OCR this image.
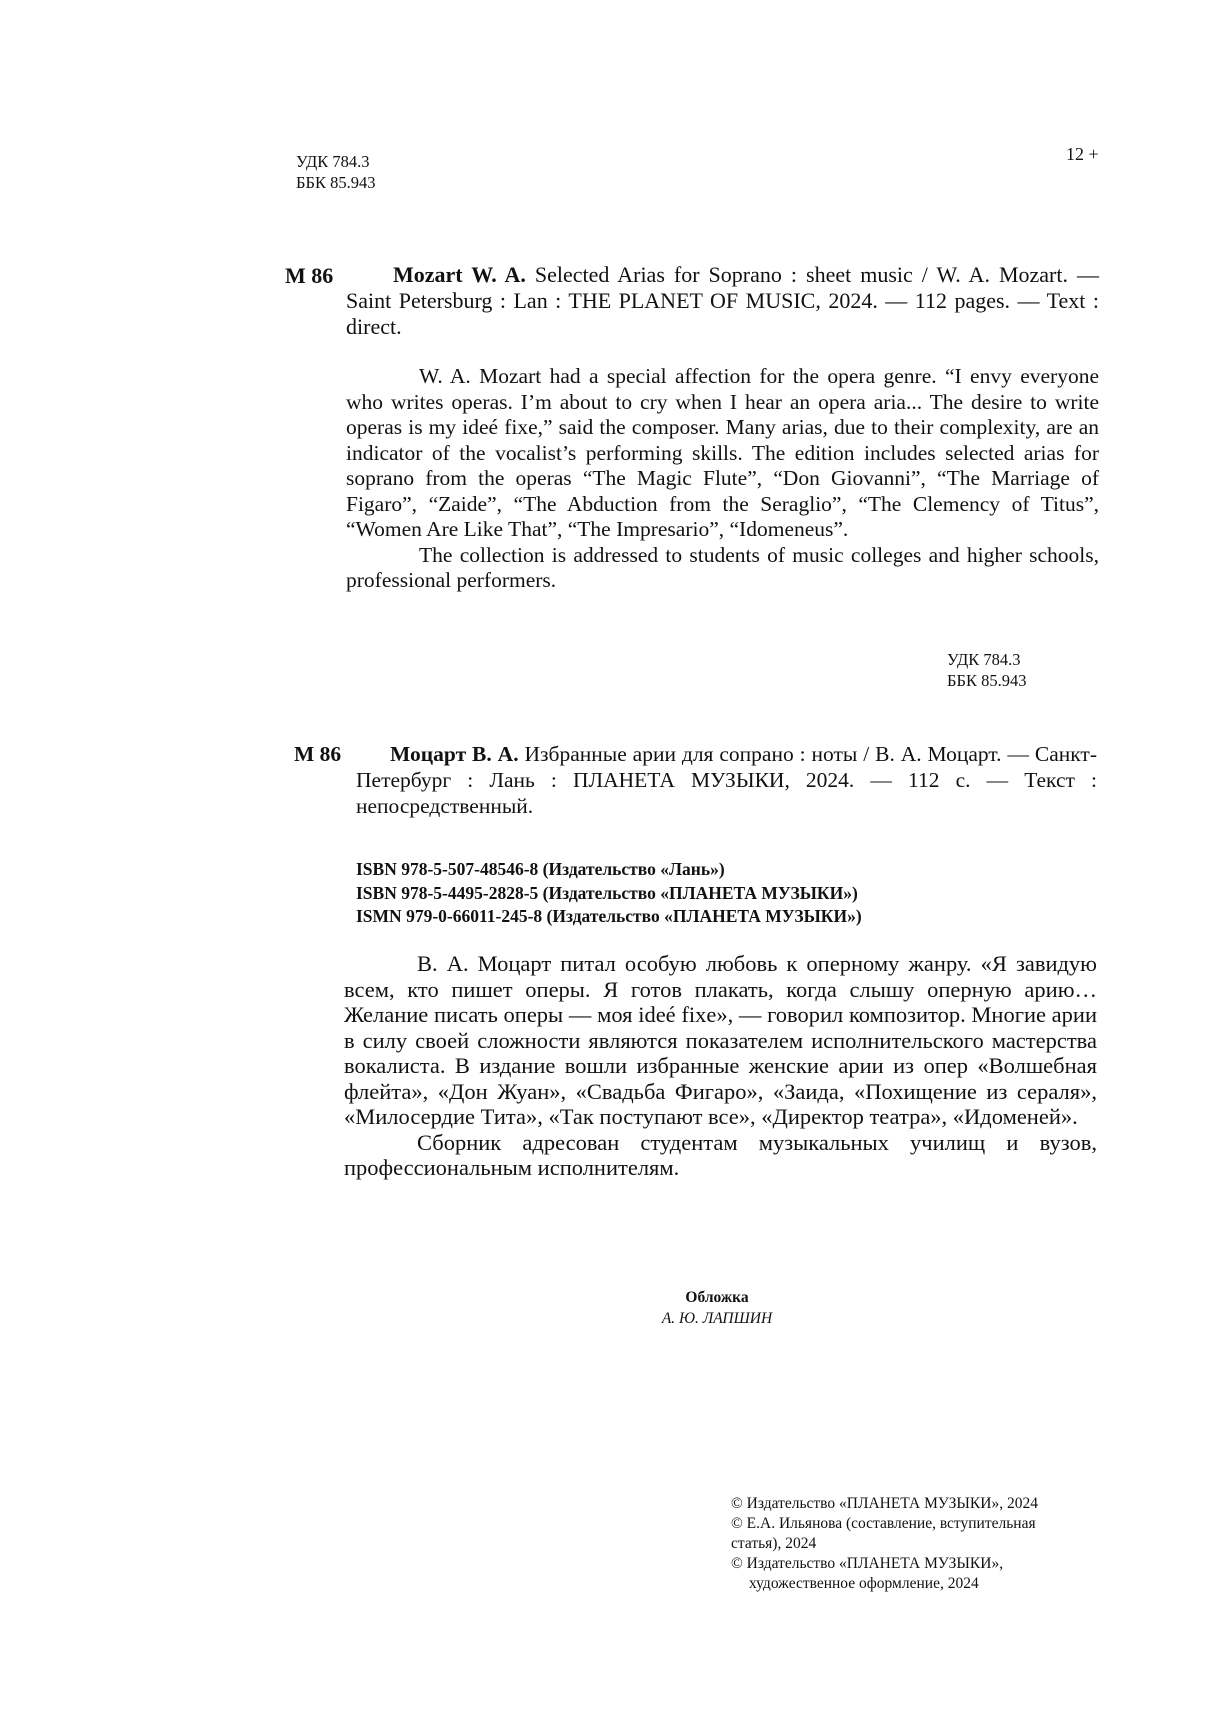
УДК 784.3
ББК 85.943
12 +
M 86	Mozart W. A. Selected Arias for Soprano : sheet music / W. A. Mozart. — Saint Petersburg : Lan : THE PLANET OF MUSIC, 2024. — 112 pages. — Text : direct.

W. A. Mozart had a special affection for the opera genre. “I envy everyone who writes operas. I’m about to cry when I hear an opera aria... The desire to write operas is my ideé fixe,” said the composer. Many arias, due to their complexity, are an indicator of the vocalist’s performing skills. The edition includes selected arias for soprano from the operas “The Magic Flute”, “Don Giovanni”, “The Marriage of Figaro”, “Zaide”, “The Abduction from the Seraglio”, “The Clemency of Titus”, “Women Are Like That”, “The Impresario”, “Idomeneus”.

The collection is addressed to students of music colleges and higher schools, professional performers.

УДК 784.3
ББК 85.943
М 86	Моцарт В. А. Избранные арии для сопрано : ноты / В. А. Моцарт. — Санкт-Петербург : Лань : ПЛАНЕТА МУЗЫКИ, 2024. — 112 с. — Текст : непосредственный.
ISBN 978-5-507-48546-8 (Издательство «Лань»)
ISBN 978-5-4495-2828-5 (Издательство «ПЛАНЕТА МУЗЫКИ»)
ISMN 979-0-66011-245-8 (Издательство «ПЛАНЕТА МУЗЫКИ»)

В. А. Моцарт питал особую любовь к оперному жанру. «Я завидую всем, кто пишет оперы. Я готов плакать, когда слышу оперную арию… Желание писать оперы — моя ideé fixe», — говорил композитор. Многие арии в силу своей сложности являются показателем исполнительского мастерства вокалиста. В издание вошли избранные женские арии из опер «Волшебная флейта», «Дон Жуан», «Свадьба Фигаро», «Заида, «Похищение из сераля», «Милосердие Тита», «Так поступают все», «Директор театра», «Идоменей».

Сборник адресован студентам музыкальных училищ и вузов, профессиональным исполнителям.

Обложка
А. Ю. ЛАПШИН
© Издательство «ПЛАНЕТА МУЗЫКИ», 2024
© Е.А. Ильянова (составление, вступительная
статья), 2024
© Издательство «ПЛАНЕТА МУЗЫКИ»,
художественное оформление, 2024
